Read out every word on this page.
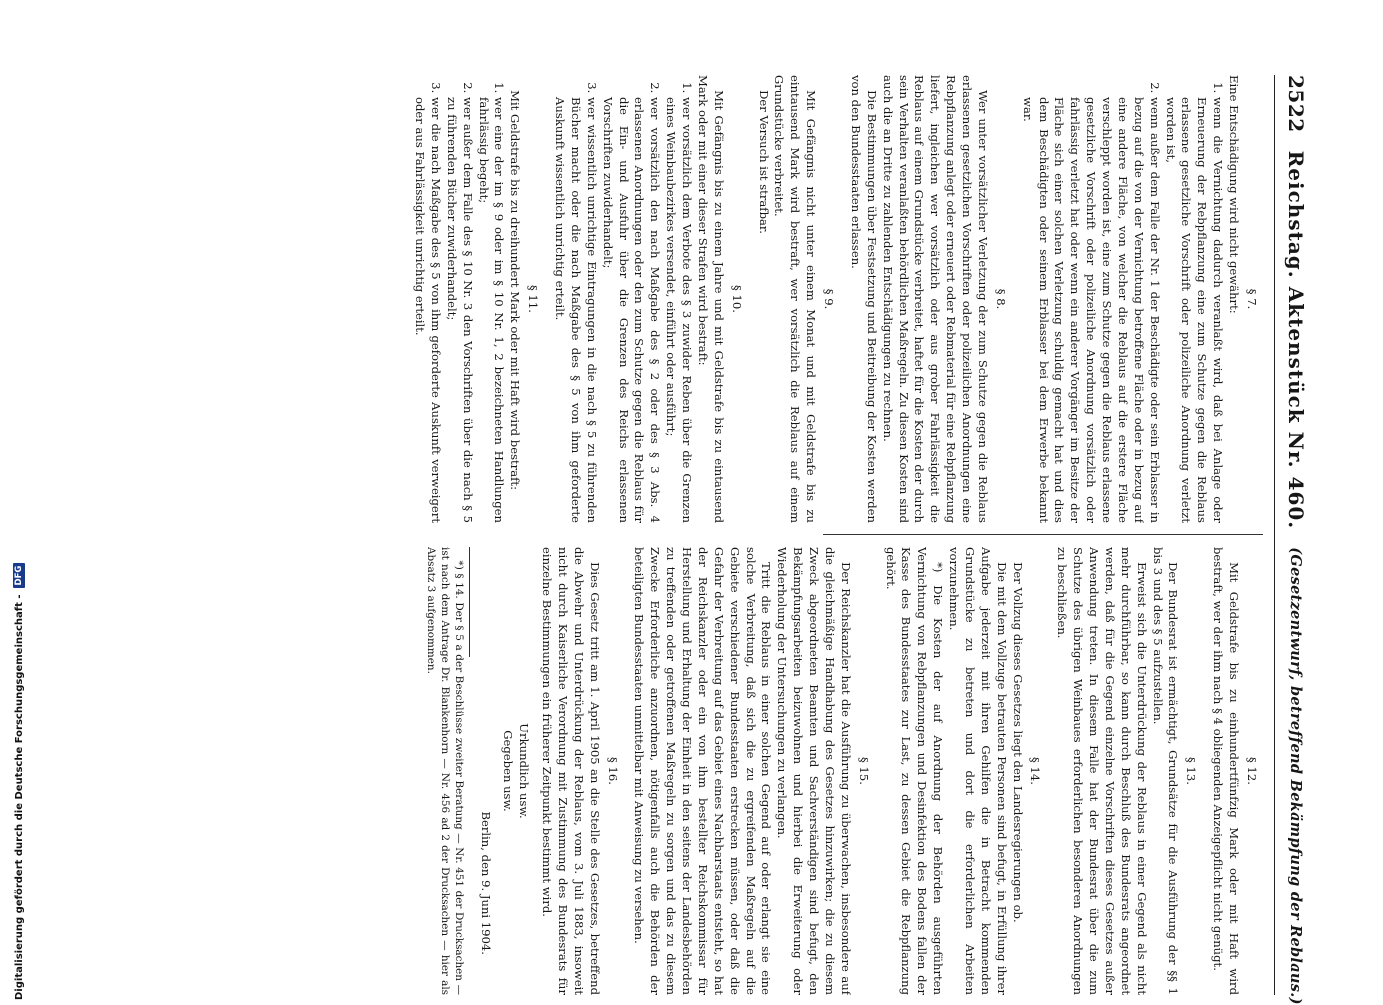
2522
Reichstag. Aktenstück Nr. 460.
(Gesetzentwurf, betreffend Bekämpfung der Reblaus.)
§ 7.

Eine Entschädigung wird nicht gewährt:

1. wenn die Vernichtung dadurch veranlaßt wird, daß bei Anlage oder Erneuerung der Rebpflanzung eine zum Schutze gegen die Reblaus erlassene gesetzliche Vorschrift oder polizeiliche Anordnung verletzt worden ist,
2. wenn außer dem Falle der Nr. 1 der Beschädigte oder sein Erblasser in bezug auf die von der Vernichtung betroffene Fläche oder in bezug auf eine andere Fläche, von welcher die Reblaus auf die erstere Fläche verschleppt worden ist, eine zum Schutze gegen die Reblaus erlassene gesetzliche Vorschrift oder polizeiliche Anordnung vorsätzlich oder fahrlässig verletzt hat oder wenn ein anderer Vorgänger im Besitze der Fläche sich einer solchen Verletzung schuldig gemacht hat und dies dem Beschädigten oder seinem Erblasser bei dem Erwerbe bekannt war.
§ 8.

Wer unter vorsätzlicher Verletzung der zum Schutze gegen die Reblaus erlassenen gesetzlichen Vorschriften oder polizeilichen Anordnungen eine Rebpflanzung anlegt oder erneuert oder Rebmaterial für eine Rebpflanzung liefert, ingleichen wer vorsätzlich oder aus grober Fahrlässigkeit die Reblaus auf einem Grundstücke verbreitet, haftet für die Kosten der durch sein Verhalten veranlaßten behördlichen Maßregeln. Zu diesen Kosten sind auch die an Dritte zu zahlenden Entschädigungen zu rechnen.

Die Bestimmungen über Festsetzung und Beitreibung der Kosten werden von den Bundesstaaten erlassen.

§ 9.

Mit Gefängnis nicht unter einem Monat und mit Geldstrafe bis zu eintausend Mark wird bestraft, wer vorsätzlich die Reblaus auf einem Grundstücke verbreitet.

Der Versuch ist strafbar.

§ 10.

Mit Gefängnis bis zu einem Jahre und mit Geldstrafe bis zu eintausend Mark oder mit einer dieser Strafen wird bestraft:

1. wer vorsätzlich dem Verbote des § 3 zuwider Reben über die Grenzen eines Weinbaubezirkes versendet, einführt oder ausführt;
2. wer vorsätzlich den nach Maßgabe des § 2 oder des § 3 Abs. 4 erlassenen Anordnungen oder den zum Schutze gegen die Reblaus für die Ein- und Ausfuhr über die Grenzen des Reichs erlassenen Vorschriften zuwiderhandelt;
3. wer wissentlich unrichtige Eintragungen in die nach § 5 zu führenden Bücher macht oder die nach Maßgabe des § 5 von ihm geforderte Auskunft wissentlich unrichtig erteilt.
§ 11.

Mit Geldstrafe bis zu dreihundert Mark oder mit Haft wird bestraft:

1. wer eine der im § 9 oder im § 10 Nr. 1, 2 bezeichneten Handlungen fahrlässig begeht;
2. wer außer dem Falle des § 10 Nr. 3 den Vorschriften über die nach § 5 zu führenden Bücher zuwiderhandelt;
3. wer die nach Maßgabe des § 5 von ihm geforderte Auskunft verweigert oder aus Fahrlässigkeit unrichtig erteilt.
§ 12.

Mit Geldstrafe bis zu einhundertfünfzig Mark oder mit Haft wird bestraft, wer der ihm nach § 4 obliegenden Anzeigepflicht nicht genügt.

§ 13.

Der Bundesrat ist ermächtigt, Grundsätze für die Ausführung der §§ 1 bis 3 und des § 5 aufzustellen.

Erweist sich die Unterdrückung der Reblaus in einer Gegend als nicht mehr durchführbar, so kann durch Beschluß des Bundesrats angeordnet werden, daß für die Gegend einzelne Vorschriften dieses Gesetzes außer Anwendung treten. In diesem Falle hat der Bundesrat über die zum Schutze des übrigen Weinbaues erforderlichen besonderen Anordnungen zu beschließen.

§ 14.

Der Vollzug dieses Gesetzes liegt den Landesregierungen ob.

Die mit dem Vollzuge betrauten Personen sind befugt, in Erfüllung ihrer Aufgabe jederzeit mit ihren Gehilfen die in Betracht kommenden Grundstücke zu betreten und dort die erforderlichen Arbeiten vorzunehmen.

*) Die Kosten der auf Anordnung der Behörden ausgeführten Vernichtung von Rebpflanzungen und Desinfektion des Bodens fallen der Kasse des Bundesstaates zur Last, zu dessen Gebiet die Rebpflanzung gehört.

§ 15.

Der Reichskanzler hat die Ausführung zu überwachen, insbesondere auf die gleichmäßige Handhabung des Gesetzes hinzuwirken; die zu diesem Zweck abgeordneten Beamten und Sachverständigen sind befugt, den Bekämpfungsarbeiten beizuwohnen und hierbei die Erweiterung oder Wiederholung der Untersuchungen zu verlangen.

Tritt die Reblaus in einer solchen Gegend auf oder erlangt sie eine solche Verbreitung, daß sich die zu ergreifenden Maßregeln auf die Gebiete verschiedener Bundesstaaten erstrecken müssen, oder daß die Gefahr der Verbreitung auf das Gebiet eines Nachbarstaats entsteht, so hat der Reichskanzler oder ein von ihm bestellter Reichskommissar für Herstellung und Erhaltung der Einheit in den seitens der Landesbehörden zu treffenden oder getroffenen Maßregeln zu sorgen und das zu diesem Zwecke Erforderliche anzuordnen, nötigenfalls auch die Behörden der beteiligten Bundesstaaten unmittelbar mit Anweisung zu versehen.

§ 16.

Dies Gesetz tritt am 1. April 1905 an die Stelle des Gesetzes, betreffend die Abwehr und Unterdrückung der Reblaus, vom 3. Juli 1883, insoweit nicht durch Kaiserliche Verordnung mit Zustimmung des Bundesrats für einzelne Bestimmungen ein früherer Zeitpunkt bestimmt wird.

Urkundlich usw.

Gegeben usw.

Berlin, den 9. Juni 1904.

*) § 14. Der § 5 a der Beschlüsse zweiter Beratung — Nr. 451 der Drucksachen — ist nach dem Antrage Dr. Blankenhorn — Nr. 456 ad 2 der Drucksachen — hier als Absatz 3 aufgenommen.

Digitalisierung gefördert durch die Deutsche Forschungsgemeinschaft -
DFG
